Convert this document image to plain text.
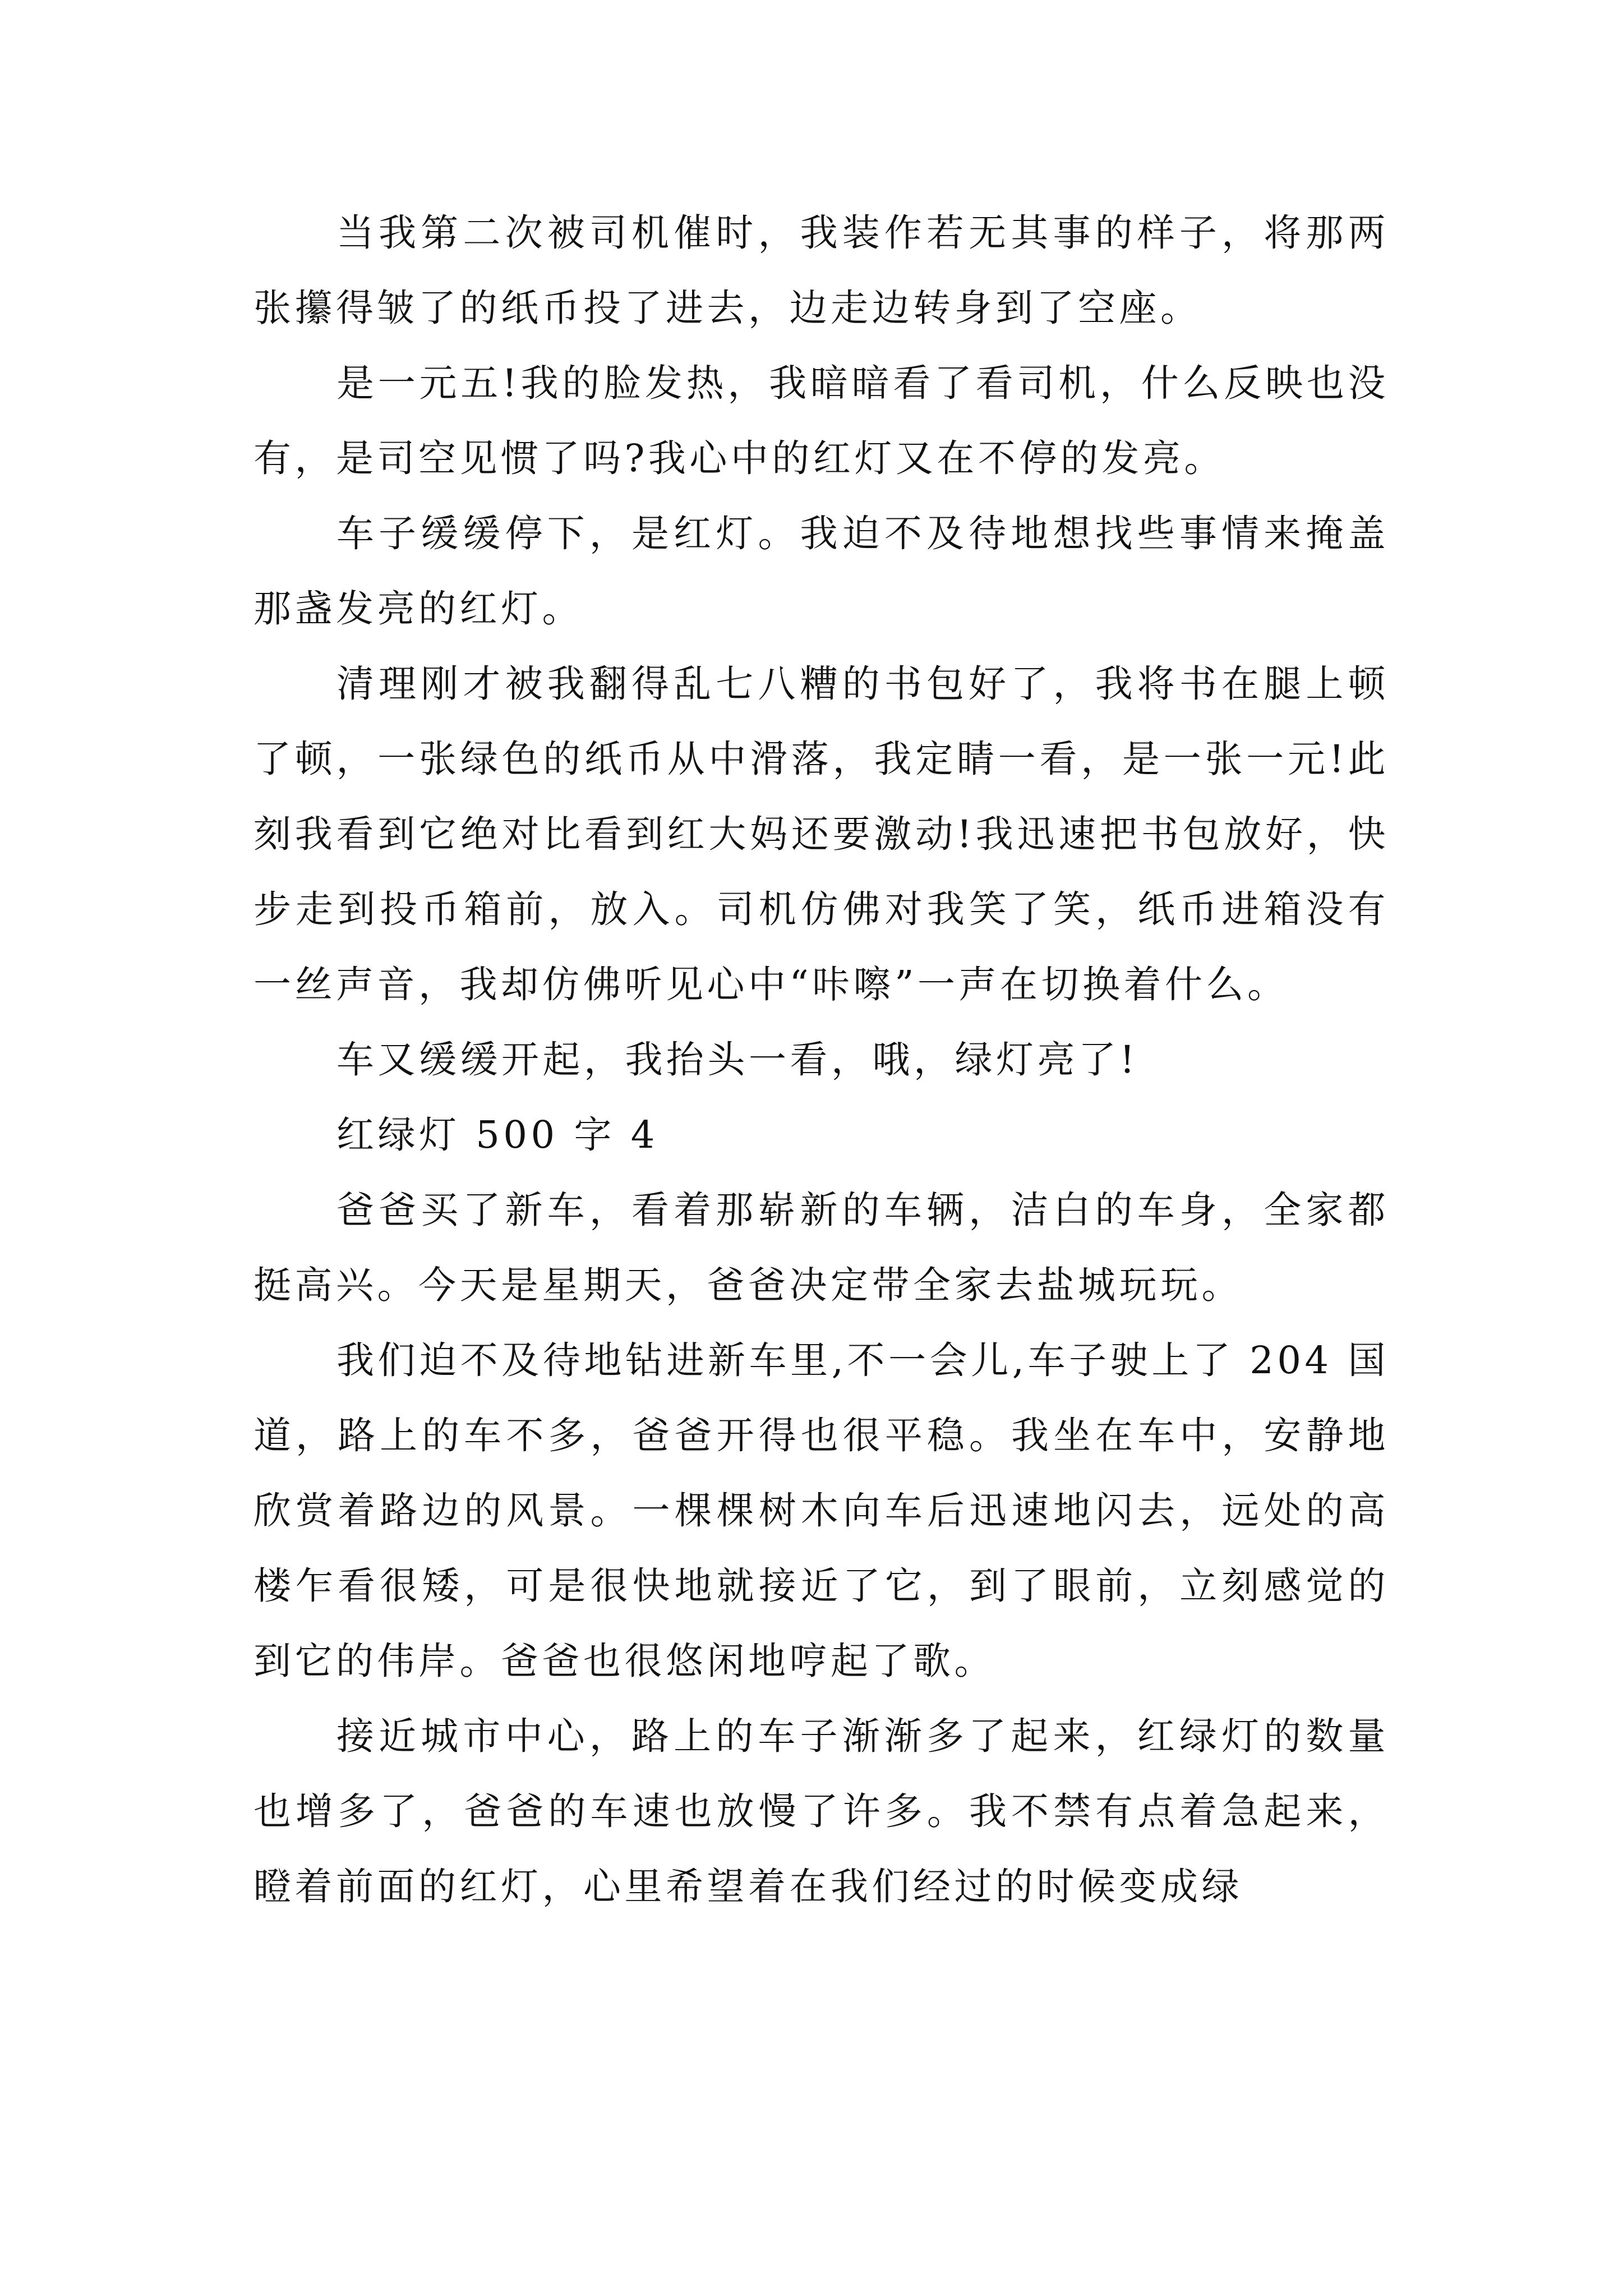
当我第二次被司机催时，我装作若无其事的样子，将那两张攥得皱了的纸币投了进去，边走边转身到了空座。

是一元五!我的脸发热，我暗暗看了看司机，什么反映也没有，是司空见惯了吗?我心中的红灯又在不停的发亮。

车子缓缓停下，是红灯。我迫不及待地想找些事情来掩盖那盏发亮的红灯。

清理刚才被我翻得乱七八糟的书包好了，我将书在腿上顿了顿，一张绿色的纸币从中滑落，我定睛一看，是一张一元!此刻我看到它绝对比看到红大妈还要激动!我迅速把书包放好，快步走到投币箱前，放入。司机仿佛对我笑了笑，纸币进箱没有一丝声音，我却仿佛听见心中“咔嚓”一声在切换着什么。

车又缓缓开起，我抬头一看，哦，绿灯亮了!

红绿灯 500 字 4

爸爸买了新车，看着那崭新的车辆，洁白的车身，全家都挺高兴。今天是星期天，爸爸决定带全家去盐城玩玩。

我们迫不及待地钻进新车里,不一会儿,车子驶上了 204 国道，路上的车不多，爸爸开得也很平稳。我坐在车中，安静地欣赏着路边的风景。一棵棵树木向车后迅速地闪去，远处的高楼乍看很矮，可是很快地就接近了它，到了眼前，立刻感觉的到它的伟岸。爸爸也很悠闲地哼起了歌。

接近城市中心，路上的车子渐渐多了起来，红绿灯的数量也增多了，爸爸的车速也放慢了许多。我不禁有点着急起来，瞪着前面的红灯，心里希望着在我们经过的时候变成绿
